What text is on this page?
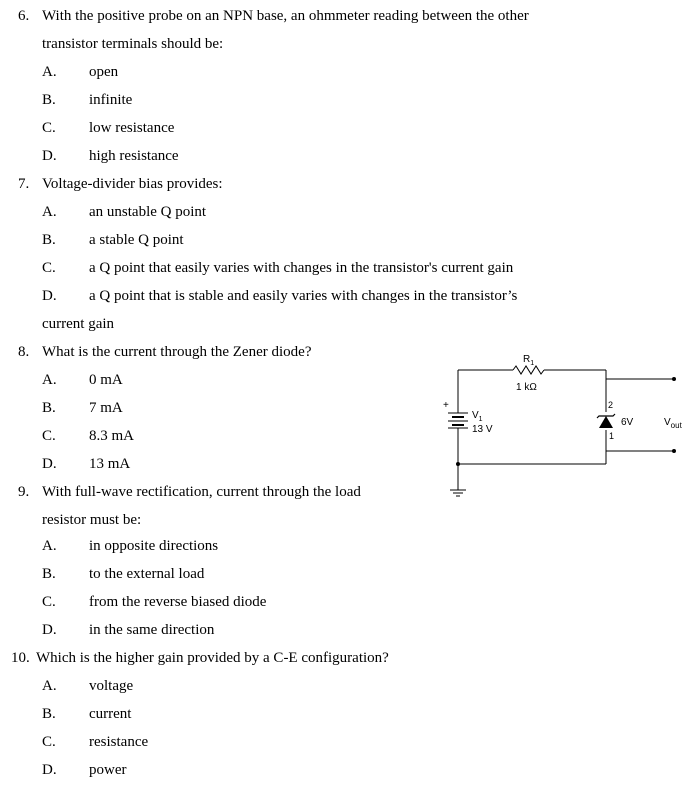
6. With the positive probe on an NPN base, an ohmmeter reading between the other
transistor terminals should be:
A. open
B. infinite
C. low resistance
D. high resistance
7. Voltage-divider bias provides:
A. an unstable Q point
B. a stable Q point
C. a Q point that easily varies with changes in the transistor's current gain
D. a Q point that is stable and easily varies with changes in the transistor’s
current gain
8. What is the current through the Zener diode?
A. 0 mA
B. 7 mA
C. 8.3 mA
D. 13 mA
9. With full-wave rectification, current through the load
resistor must be:
A. in opposite directions
B. to the external load
C. from the reverse biased diode
D. in the same direction
10. Which is the higher gain provided by a C-E configuration?
A. voltage
B. current
C. resistance
D. power
$R_1$
1 kΩ
+
$V_1$
13 V
2
1
6V	$V_{out}$
